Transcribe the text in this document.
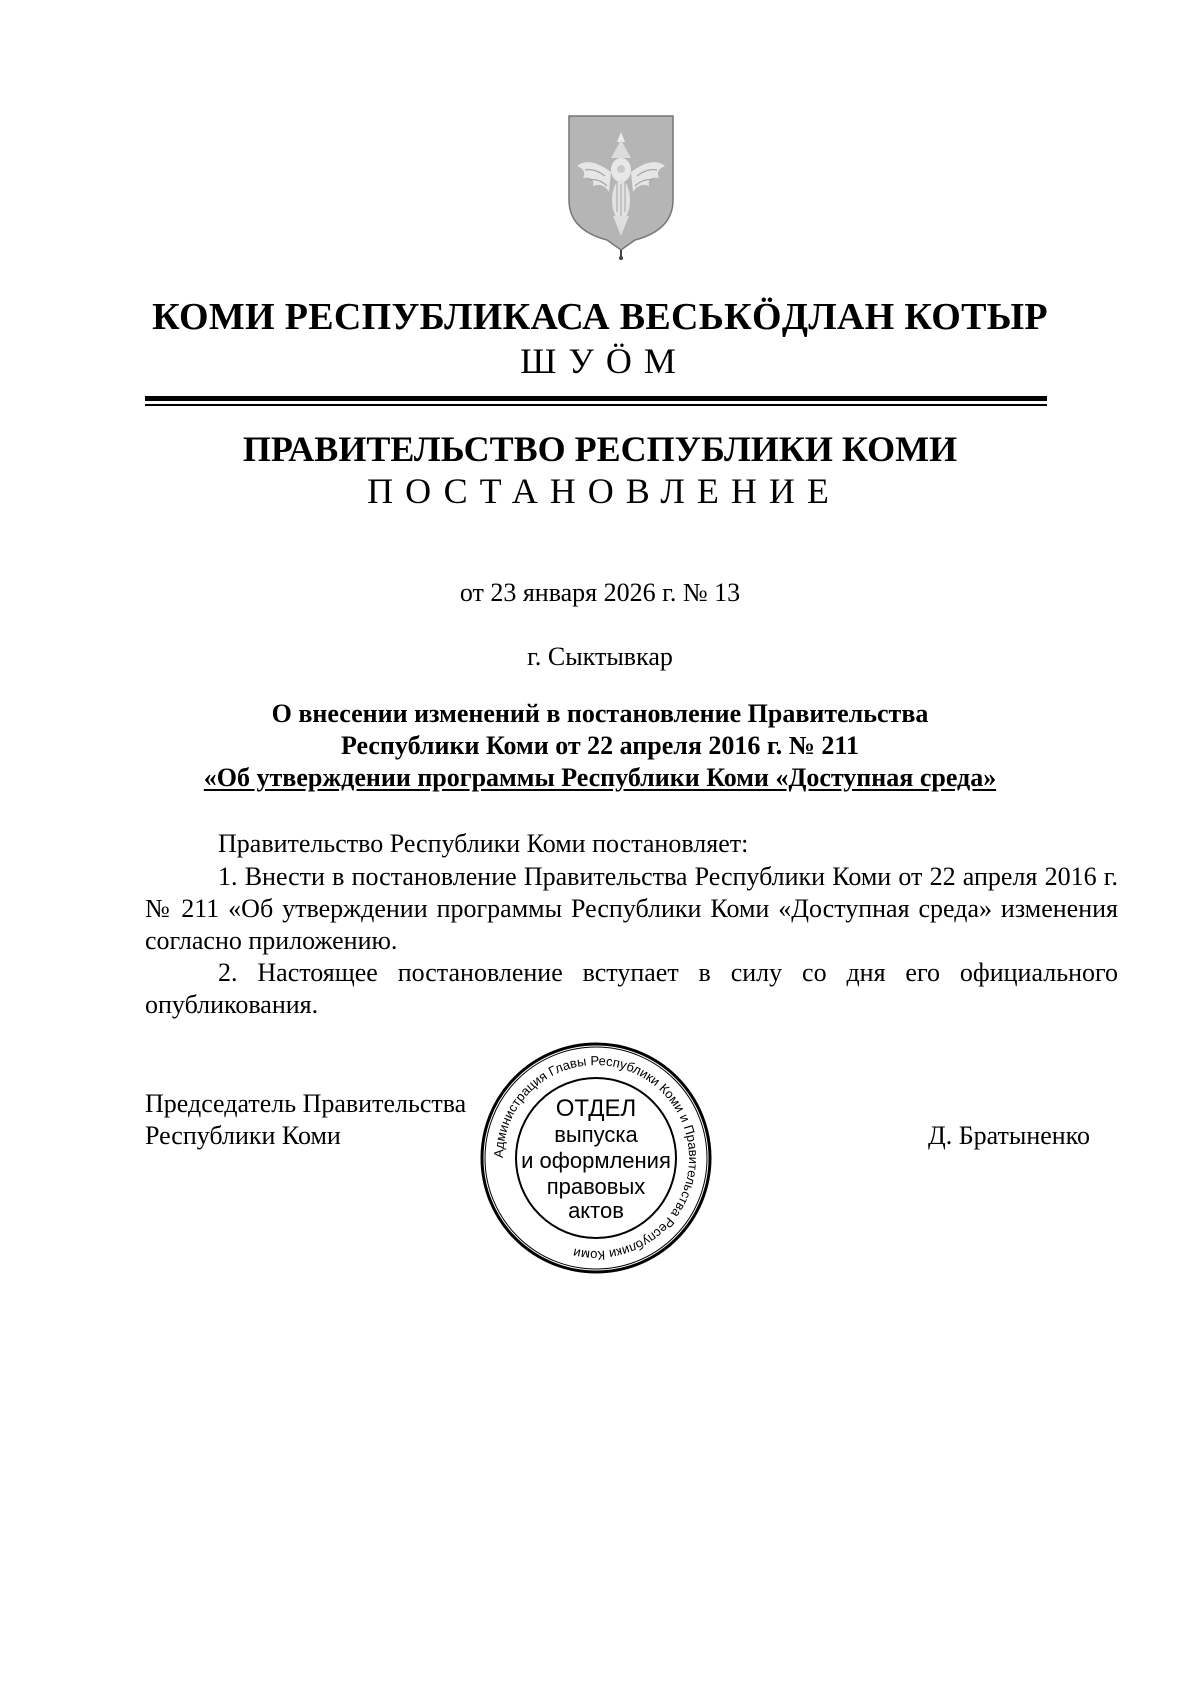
КОМИ РЕСПУБЛИКАСА ВЕСЬКӦДЛАН КОТЫР
ШУӦМ
ПРАВИТЕЛЬСТВО РЕСПУБЛИКИ КОМИ
ПОСТАНОВЛЕНИЕ
от 23 января 2026 г. № 13
г. Сыктывкар
О внесении изменений в постановление Правительства
Республики Коми от 22 апреля 2016 г. № 211
«Об утверждении программы Республики Коми «Доступная среда»

Правительство Республики Коми постановляет:

1. Внести в постановление Правительства Республики Коми от 22 апреля 2016 г. № 211 «Об утверждении программы Республики Коми «Доступная среда» изменения согласно приложению.

2. Настоящее постановление вступает в силу со дня его официального опубликования.

Председатель Правительства
Республики Коми	Д. Братыненко
Администрация Главы Республики Коми и Правительства Республики Коми
ОТДЕЛ
выпуска
и оформления
правовых
актов
